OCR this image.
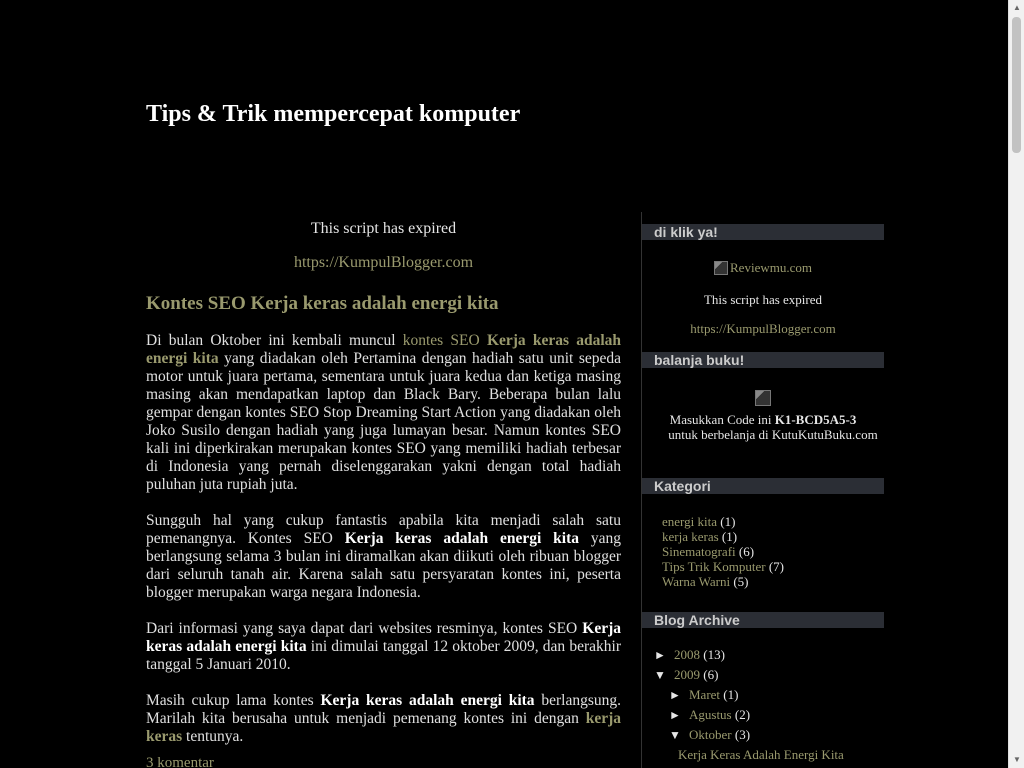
Tips & Trik mempercepat komputer

This script has expired

https://KumpulBlogger.com

Kontes SEO Kerja keras adalah energi kita

Di bulan Oktober ini kembali muncul kontes SEO Kerja keras adalah energi kita yang diadakan oleh Pertamina dengan hadiah satu unit sepeda motor untuk juara pertama, sementara untuk juara kedua dan ketiga masing masing akan mendapatkan laptop dan Black Bary. Beberapa bulan lalu gempar dengan kontes SEO Stop Dreaming Start Action yang diadakan oleh Joko Susilo dengan hadiah yang juga lumayan besar. Namun kontes SEO kali ini diperkirakan merupakan kontes SEO yang memiliki hadiah terbesar di Indonesia yang pernah diselenggarakan yakni dengan total hadiah puluhan juta rupiah juta.

Sungguh hal yang cukup fantastis apabila kita menjadi salah satu pemenangnya. Kontes SEO Kerja keras adalah energi kita yang berlangsung selama 3 bulan ini diramalkan akan diikuti oleh ribuan blogger dari seluruh tanah air. Karena salah satu persyaratan kontes ini, peserta blogger merupakan warga negara Indonesia.

Dari informasi yang saya dapat dari websites resminya, kontes SEO Kerja keras adalah energi kita ini dimulai tanggal 12 oktober 2009, dan berakhir tanggal 5 Januari 2010.

Masih cukup lama kontes Kerja keras adalah energi kita berlangsung. Marilah kita berusaha untuk menjadi pemenang kontes ini dengan kerja keras tentunya.

3 komentar
di klik ya!
Reviewmu.com
This script has expired
https://KumpulBlogger.com
balanja buku!
Masukkan Code ini K1-BCD5A5-3
untuk berbelanja di KutuKutuBuku.com
Kategori
energi kita (1)
kerja keras (1)
Sinematografi (6)
Tips Trik Komputer (7)
Warna Warni (5)
Blog Archive
► 2008 (13)
▼ 2009 (6)
► Maret (1)
► Agustus (2)
▼ Oktober (3)
Kerja Keras Adalah Energi Kita
▲
▼
